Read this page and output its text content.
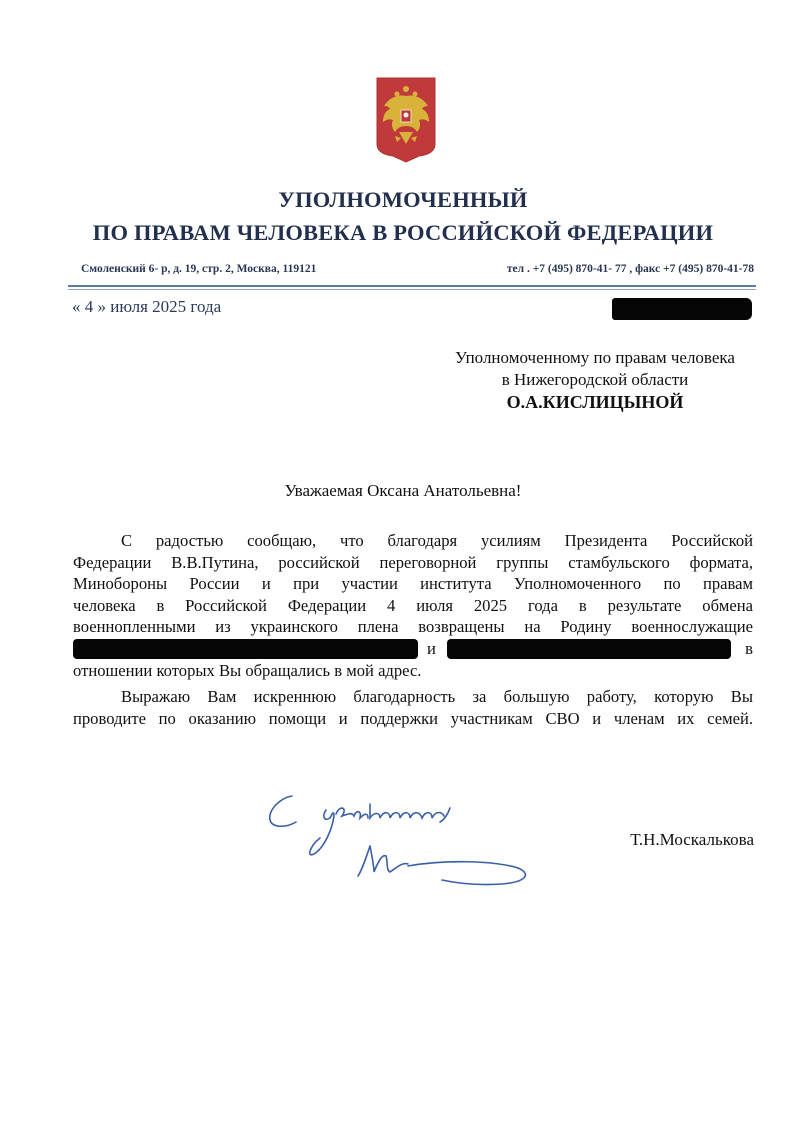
УПОЛНОМОЧЕННЫЙ
ПО ПРАВАМ ЧЕЛОВЕКА В РОССИЙСКОЙ ФЕДЕРАЦИИ
Смоленский 6- р, д. 19, стр. 2, Москва, 119121	тел . +7 (495) 870-41- 77 , факс +7 (495) 870-41-78
« 4 » июля 2025 года
Уполномоченному по правам человека
в Нижегородской области
О.А.КИСЛИЦЫНОЙ
Уважаемая Оксана Анатольевна!
С радостью сообщаю, что благодаря усилиям Президента Российской
Федерации В.В.Путина, российской переговорной группы стамбульского формата,
Минобороны России и при участии института Уполномоченного по правам
человека в Российской Федерации 4 июля 2025 года в результате обмена
военнопленными из украинского плена возвращены на Родину военнослужащие
и	в
отношении которых Вы обращались в мой адрес.
Выражаю Вам искреннюю благодарность за большую работу, которую Вы
проводите по оказанию помощи и поддержки участникам СВО и членам их семей.
Т.Н.Москалькова
